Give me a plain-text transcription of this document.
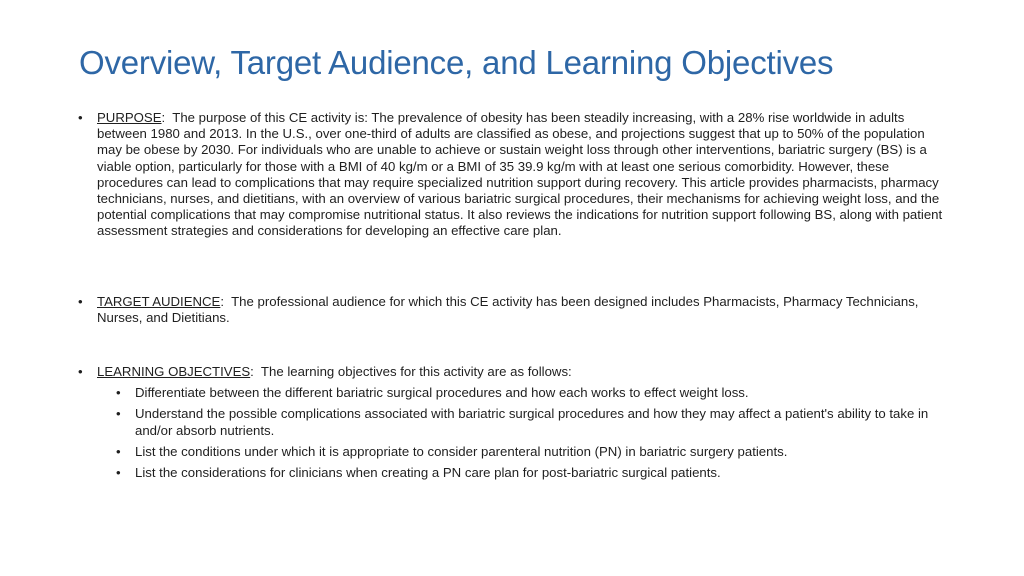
Overview, Target Audience, and Learning Objectives
• PURPOSE:  The purpose of this CE activity is: The prevalence of obesity has been steadily increasing, with a 28% rise worldwide in adults between 1980 and 2013. In the U.S., over one-third of adults are classified as obese, and projections suggest that up to 50% of the population may be obese by 2030. For individuals who are unable to achieve or sustain weight loss through other interventions, bariatric surgery (BS) is a viable option, particularly for those with a BMI of 40 kg/m or a BMI of 35 39.9 kg/m with at least one serious comorbidity. However, these procedures can lead to complications that may require specialized nutrition support during recovery. This article provides pharmacists, pharmacy technicians, nurses, and dietitians, with an overview of various bariatric surgical procedures, their mechanisms for achieving weight loss, and the potential complications that may compromise nutritional status. It also reviews the indications for nutrition support following BS, along with patient assessment strategies and considerations for developing an effective care plan.
• TARGET AUDIENCE:  The professional audience for which this CE activity has been designed includes Pharmacists, Pharmacy Technicians, Nurses, and Dietitians.
• LEARNING OBJECTIVES:  The learning objectives for this activity are as follows:
• Differentiate between the different bariatric surgical procedures and how each works to effect weight loss.
• Understand the possible complications associated with bariatric surgical procedures and how they may affect a patient's ability to take in and/or absorb nutrients.
• List the conditions under which it is appropriate to consider parenteral nutrition (PN) in bariatric surgery patients.
• List the considerations for clinicians when creating a PN care plan for post-bariatric surgical patients.
